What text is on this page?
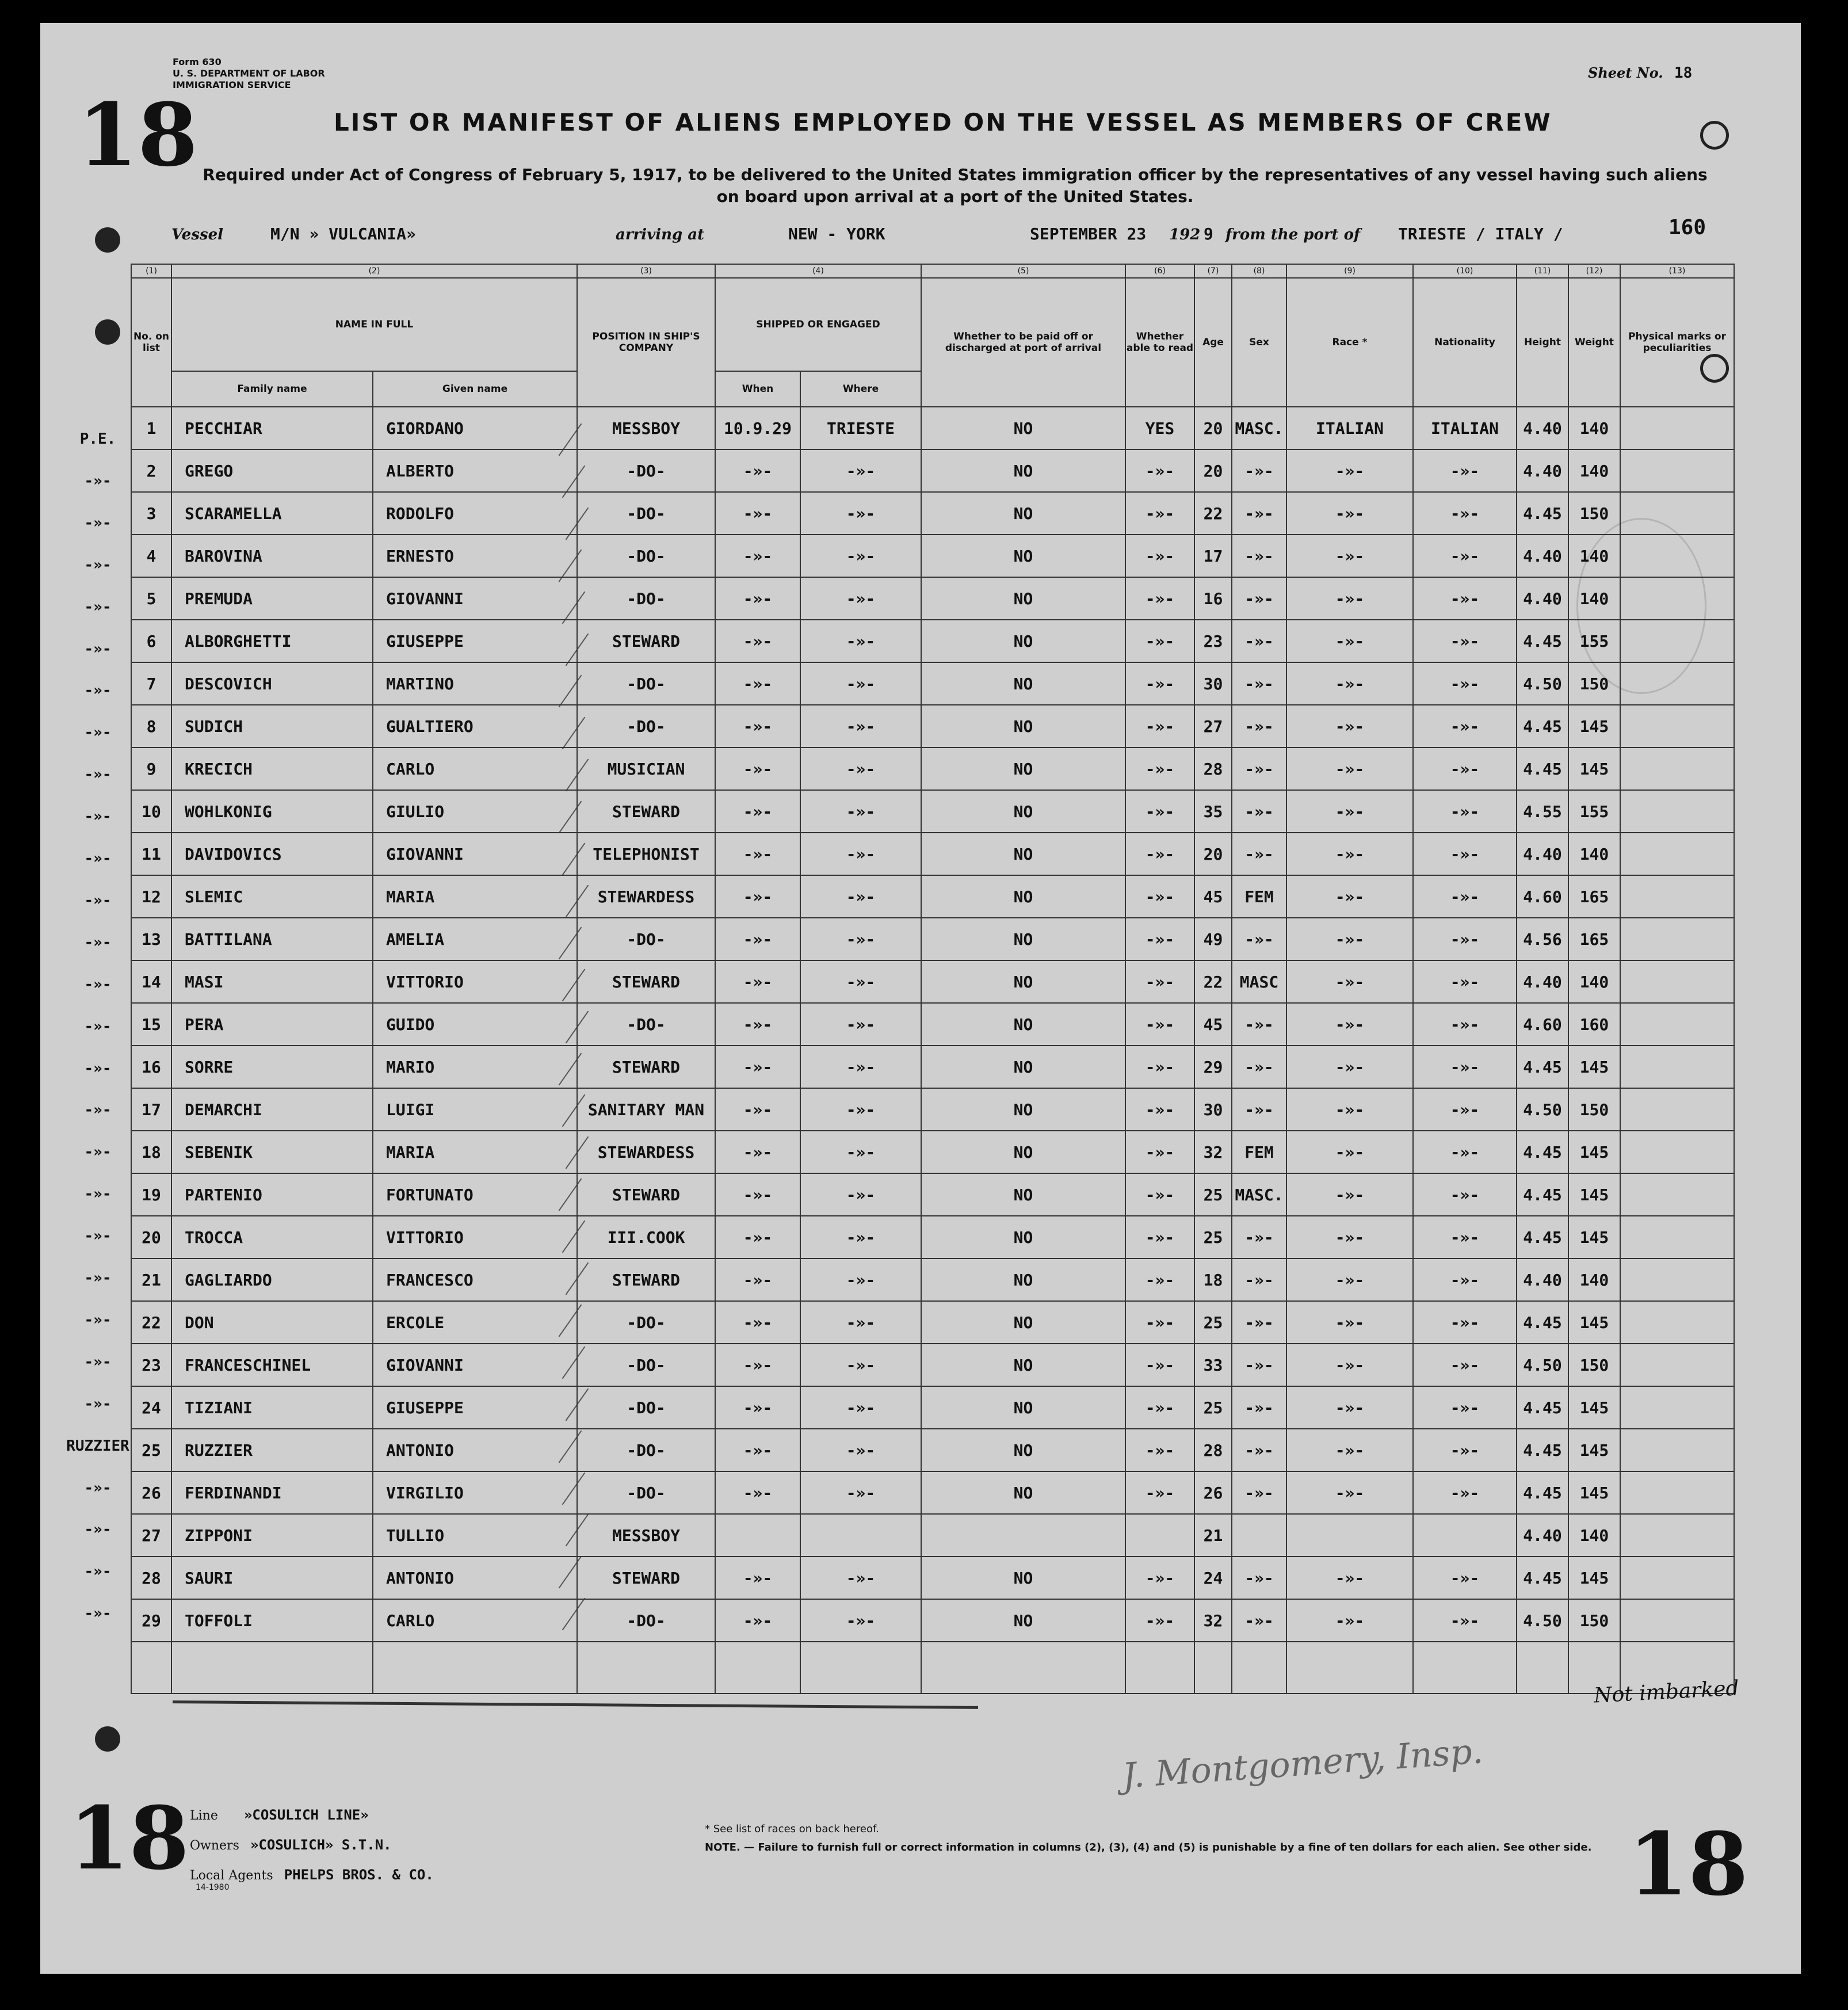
Form 630
U. S. DEPARTMENT OF LABOR
IMMIGRATION SERVICE
18
Sheet No. 18
LIST OR MANIFEST OF ALIENS EMPLOYED ON THE VESSEL AS MEMBERS OF CREW
Required under Act of Congress of February 5, 1917, to be delivered to the United States immigration officer by the representatives of any vessel having such aliens
on board upon arrival at a port of the United States.
Vessel	M/N » VULCANIA»	arriving at	NEW - YORK	SEPTEMBER 23 192 9 from the port of TRIESTE / ITALY /	160
P.E.
-»-
-»-
-»-
-»-
-»-
-»-
-»-
-»-
-»-
-»-
-»-
-»-
-»-
-»-
-»-
-»-
-»-
-»-
-»-
-»-
-»-
-»-
-»-
RUZZIER
-»-
-»-
-»-
-»-
(1)	(2)		(3)	(4)		(5)	(6)	(7)	(8)	(9)	(10)	(11)	(12)	(13)
No. on list	NAME IN FULL		POSITION IN SHIP'S COMPANY	SHIPPED OR ENGAGED		Whether to be paid off or discharged at port of arrival	Whether able to read	Age	Sex	Race *	Nationality	Height	Weight	Physical marks or peculiarities
	Family name	Given name		When	Where									
1	PECCHIAR	GIORDANO	MESSBOY	10.9.29	TRIESTE	NO	YES	20	MASC.	ITALIAN	ITALIAN	4.40	140	
2	GREGO	ALBERTO	-DO-	-»-	-»-	NO	-»-	20	-»-	-»-	-»-	4.40	140	
3	SCARAMELLA	RODOLFO	-DO-	-»-	-»-	NO	-»-	22	-»-	-»-	-»-	4.45	150	
4	BAROVINA	ERNESTO	-DO-	-»-	-»-	NO	-»-	17	-»-	-»-	-»-	4.40	140	
5	PREMUDA	GIOVANNI	-DO-	-»-	-»-	NO	-»-	16	-»-	-»-	-»-	4.40	140	
6	ALBORGHETTI	GIUSEPPE	STEWARD	-»-	-»-	NO	-»-	23	-»-	-»-	-»-	4.45	155	
7	DESCOVICH	MARTINO	-DO-	-»-	-»-	NO	-»-	30	-»-	-»-	-»-	4.50	150	
8	SUDICH	GUALTIERO	-DO-	-»-	-»-	NO	-»-	27	-»-	-»-	-»-	4.45	145	
9	KRECICH	CARLO	MUSICIAN	-»-	-»-	NO	-»-	28	-»-	-»-	-»-	4.45	145	
10	WOHLKONIG	GIULIO	STEWARD	-»-	-»-	NO	-»-	35	-»-	-»-	-»-	4.55	155	
11	DAVIDOVICS	GIOVANNI	TELEPHONIST	-»-	-»-	NO	-»-	20	-»-	-»-	-»-	4.40	140	
12	SLEMIC	MARIA	STEWARDESS	-»-	-»-	NO	-»-	45	FEM	-»-	-»-	4.60	165	
13	BATTILANA	AMELIA	-DO-	-»-	-»-	NO	-»-	49	-»-	-»-	-»-	4.56	165	
14	MASI	VITTORIO	STEWARD	-»-	-»-	NO	-»-	22	MASC	-»-	-»-	4.40	140	
15	PERA	GUIDO	-DO-	-»-	-»-	NO	-»-	45	-»-	-»-	-»-	4.60	160	
16	SORRE	MARIO	STEWARD	-»-	-»-	NO	-»-	29	-»-	-»-	-»-	4.45	145	
17	DEMARCHI	LUIGI	SANITARY MAN	-»-	-»-	NO	-»-	30	-»-	-»-	-»-	4.50	150	
18	SEBENIK	MARIA	STEWARDESS	-»-	-»-	NO	-»-	32	FEM	-»-	-»-	4.45	145	
19	PARTENIO	FORTUNATO	STEWARD	-»-	-»-	NO	-»-	25	MASC.	-»-	-»-	4.45	145	
20	TROCCA	VITTORIO	III.COOK	-»-	-»-	NO	-»-	25	-»-	-»-	-»-	4.45	145	
21	GAGLIARDO	FRANCESCO	STEWARD	-»-	-»-	NO	-»-	18	-»-	-»-	-»-	4.40	140	
22	DON	ERCOLE	-DO-	-»-	-»-	NO	-»-	25	-»-	-»-	-»-	4.45	145	
23	FRANCESCHINEL	GIOVANNI	-DO-	-»-	-»-	NO	-»-	33	-»-	-»-	-»-	4.50	150	
24	TIZIANI	GIUSEPPE	-DO-	-»-	-»-	NO	-»-	25	-»-	-»-	-»-	4.45	145	
25	RUZZIER	ANTONIO	-DO-	-»-	-»-	NO	-»-	28	-»-	-»-	-»-	4.45	145	
26	FERDINANDI	VIRGILIO	-DO-	-»-	-»-	NO	-»-	26	-»-	-»-	-»-	4.45	145	
27	ZIPPONI	TULLIO	MESSBOY					21				4.40	140	
28	SAURI	ANTONIO	STEWARD	-»-	-»-	NO	-»-	24	-»-	-»-	-»-	4.45	145	
29	TOFFOLI	CARLO	-DO-	-»-	-»-	NO	-»-	32	-»-	-»-	-»-	4.50	150	

Not imbarked
J. Montgomery, Insp.
18	18
Line »COSULICH LINE»
Owners »COSULICH» S.T.N.
Local Agents PHELPS BROS. & CO.
14-1980
* See list of races on back hereof.
NOTE. — Failure to furnish full or correct information in columns (2), (3), (4) and (5) is punishable by a fine of ten dollars for each alien. See other side.
